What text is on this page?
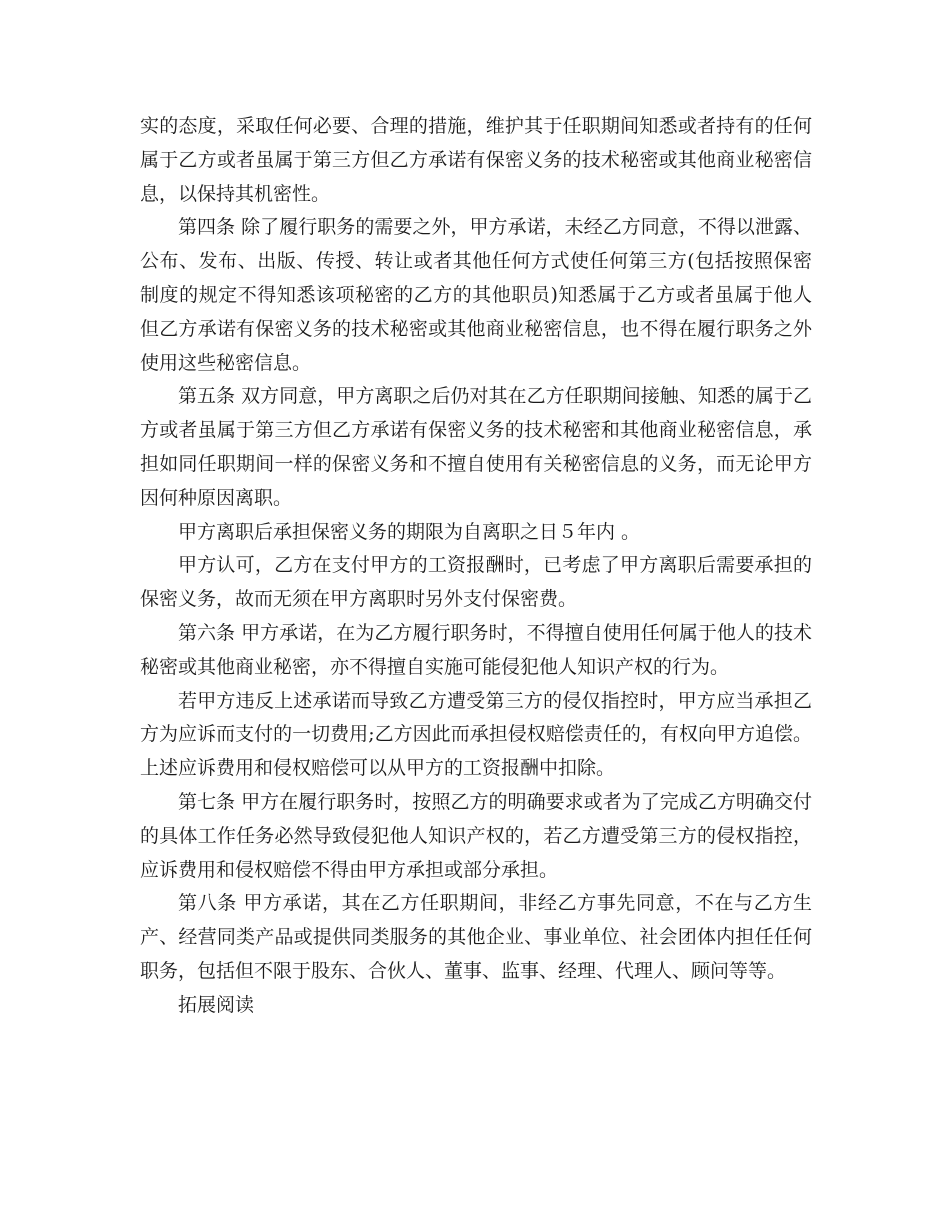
实的态度，采取任何必要、合理的措施，维护其于任职期间知悉或者持有的任何属于乙方或者虽属于第三方但乙方承诺有保密义务的技术秘密或其他商业秘密信息，以保持其机密性。

第四条 除了履行职务的需要之外，甲方承诺，未经乙方同意，不得以泄露、公布、发布、出版、传授、转让或者其他任何方式使任何第三方(包括按照保密制度的规定不得知悉该项秘密的乙方的其他职员)知悉属于乙方或者虽属于他人但乙方承诺有保密义务的技术秘密或其他商业秘密信息，也不得在履行职务之外使用这些秘密信息。

第五条 双方同意，甲方离职之后仍对其在乙方任职期间接触、知悉的属于乙方或者虽属于第三方但乙方承诺有保密义务的技术秘密和其他商业秘密信息，承担如同任职期间一样的保密义务和不擅自使用有关秘密信息的义务，而无论甲方因何种原因离职。

甲方离职后承担保密义务的期限为自离职之日５年内 。

甲方认可，乙方在支付甲方的工资报酬时，已考虑了甲方离职后需要承担的保密义务，故而无须在甲方离职时另外支付保密费。

第六条 甲方承诺，在为乙方履行职务时，不得擅自使用任何属于他人的技术秘密或其他商业秘密，亦不得擅自实施可能侵犯他人知识产权的行为。

若甲方违反上述承诺而导致乙方遭受第三方的侵仅指控时，甲方应当承担乙方为应诉而支付的一切费用;乙方因此而承担侵权赔偿责任的，有权向甲方追偿。上述应诉费用和侵权赔偿可以从甲方的工资报酬中扣除。

第七条 甲方在履行职务时，按照乙方的明确要求或者为了完成乙方明确交付的具体工作任务必然导致侵犯他人知识产权的，若乙方遭受第三方的侵权指控，应诉费用和侵权赔偿不得由甲方承担或部分承担。

第八条 甲方承诺，其在乙方任职期间，非经乙方事先同意，不在与乙方生产、经营同类产品或提供同类服务的其他企业、事业单位、社会团体内担任任何职务，包括但不限于股东、合伙人、董事、监事、经理、代理人、顾问等等。

拓展阅读
